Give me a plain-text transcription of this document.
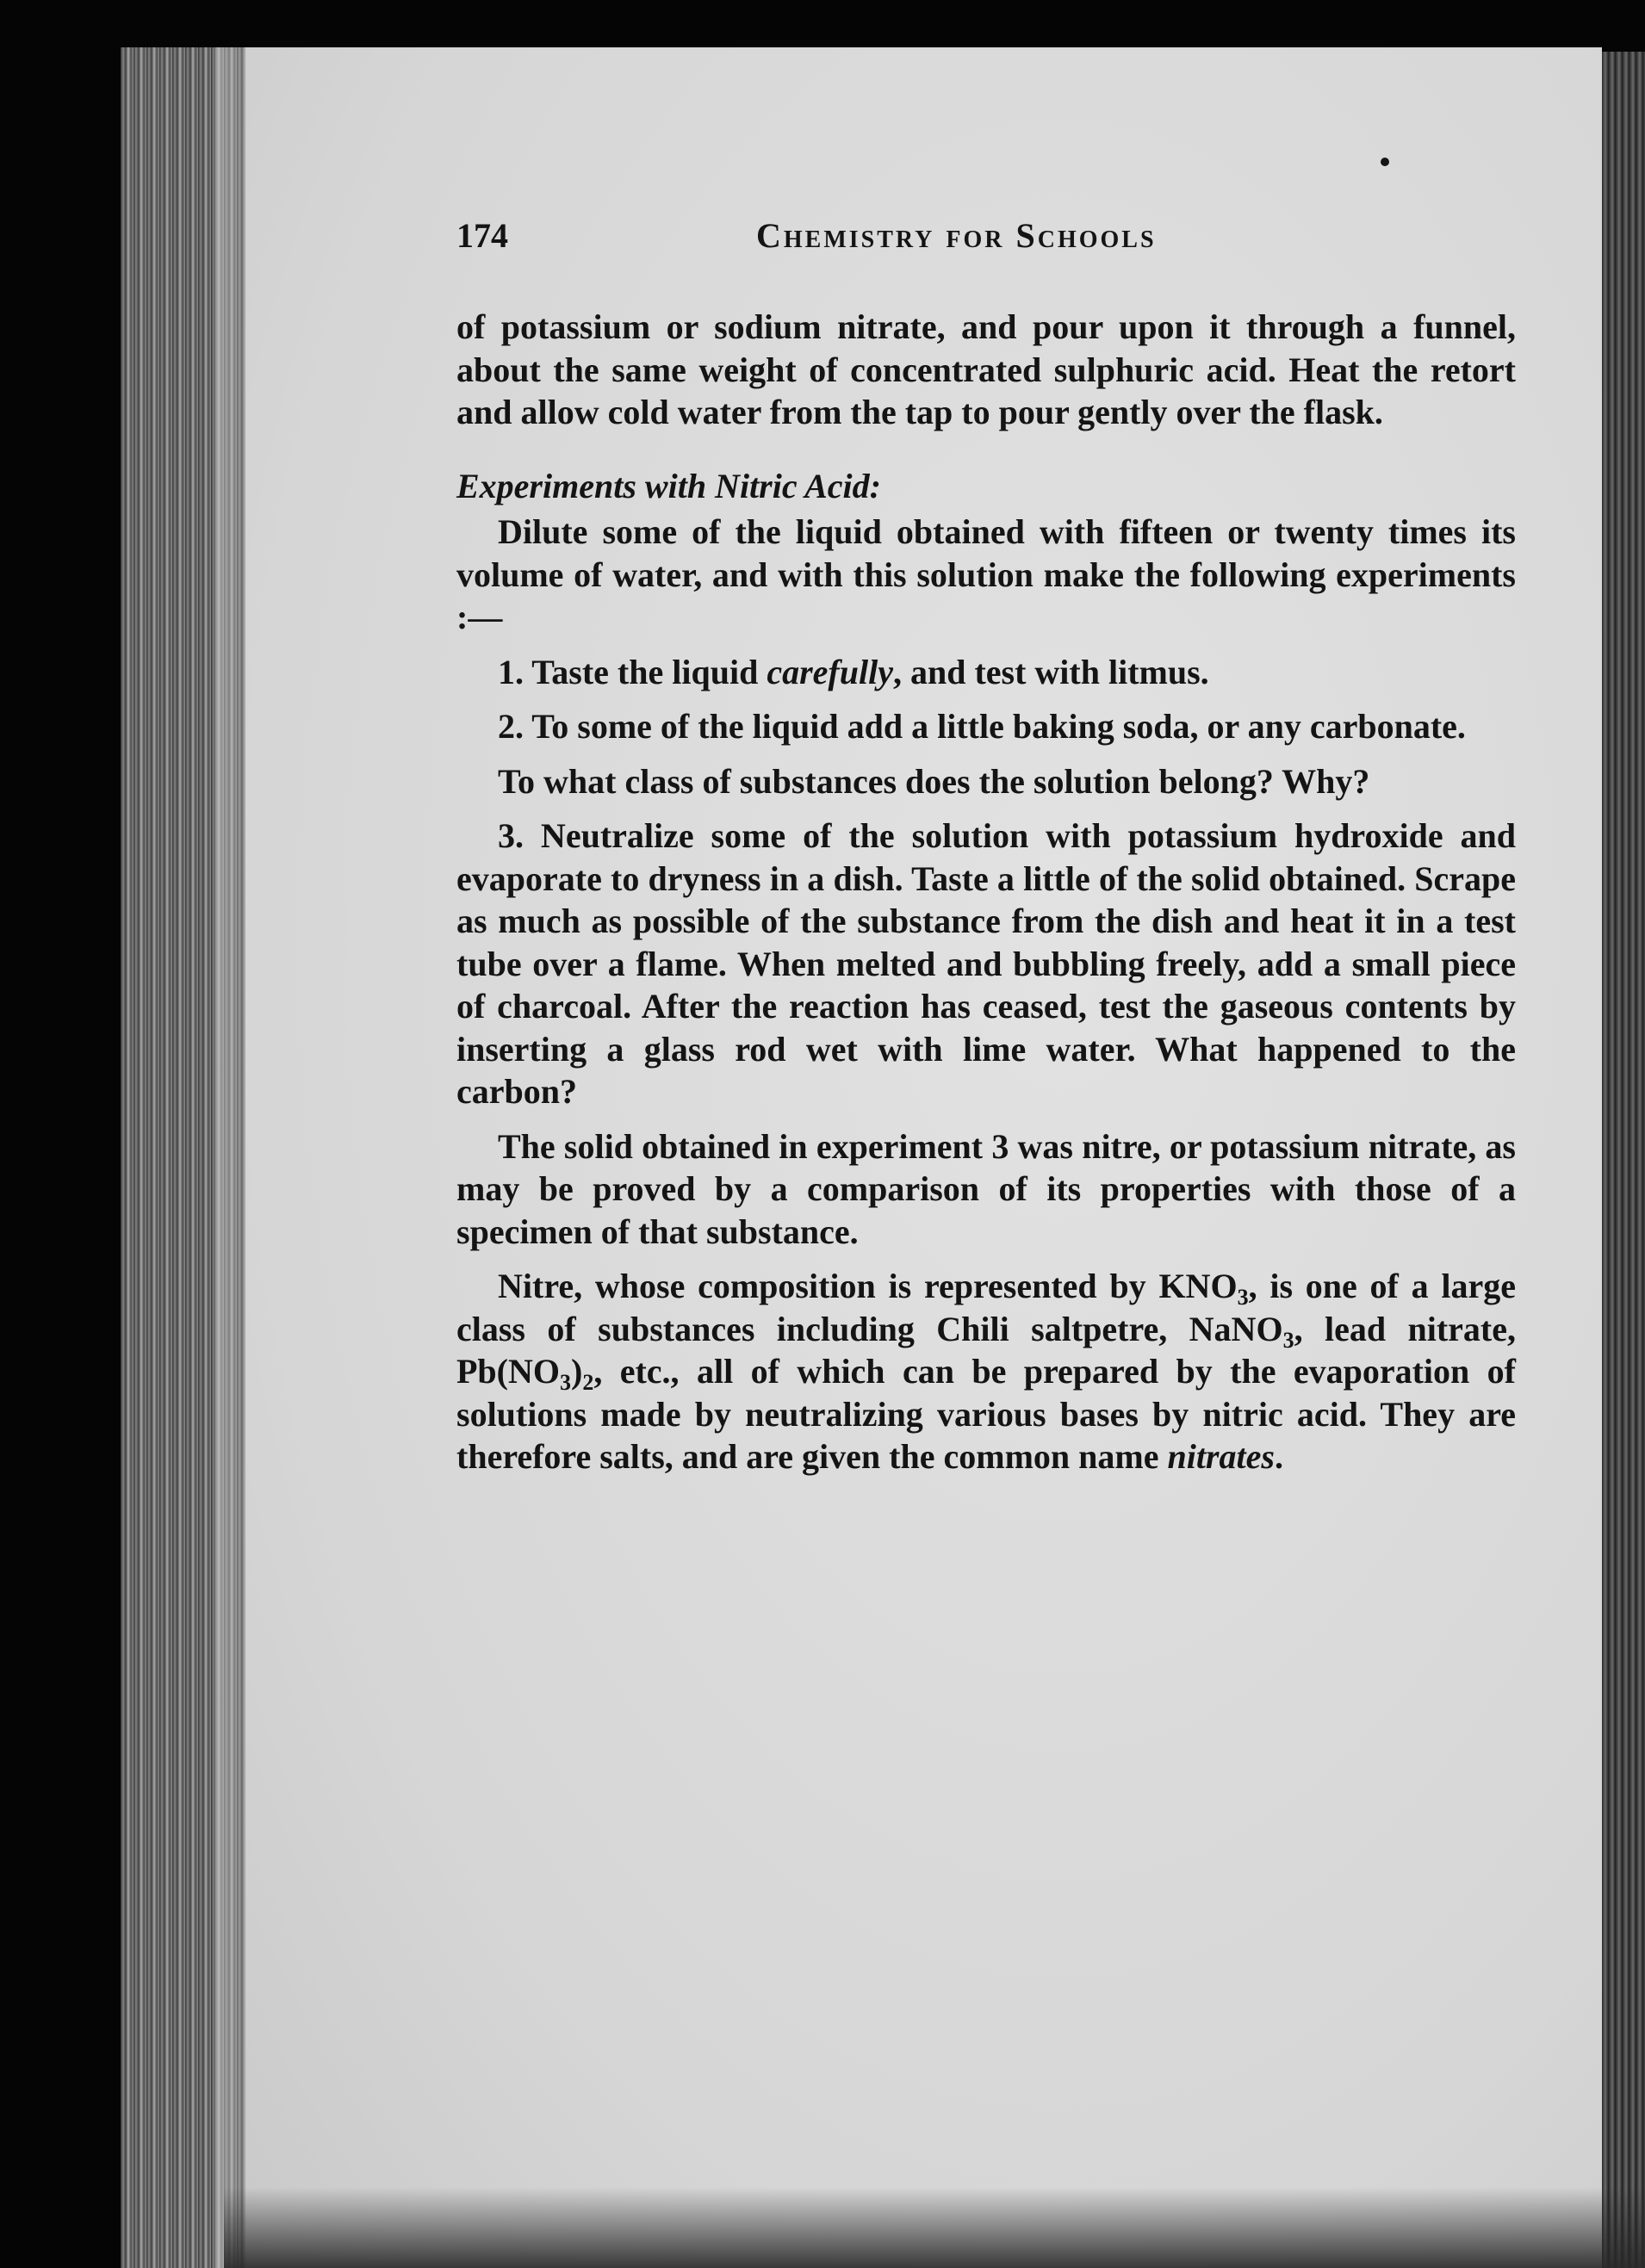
174	Chemistry for Schools

of potassium or sodium nitrate, and pour upon it through a funnel, about the same weight of concentrated sulphuric acid. Heat the retort and allow cold water from the tap to pour gently over the flask.

Experiments with Nitric Acid:

Dilute some of the liquid obtained with fifteen or twenty times its volume of water, and with this solution make the following experiments :—

1. Taste the liquid carefully, and test with litmus.

2. To some of the liquid add a little baking soda, or any carbonate.

To what class of substances does the solution belong? Why?

3. Neutralize some of the solution with potassium hydroxide and evaporate to dryness in a dish. Taste a little of the solid obtained. Scrape as much as possible of the substance from the dish and heat it in a test tube over a flame. When melted and bubbling freely, add a small piece of charcoal. After the reaction has ceased, test the gaseous contents by inserting a glass rod wet with lime water. What happened to the carbon?

The solid obtained in experiment 3 was nitre, or potassium nitrate, as may be proved by a comparison of its properties with those of a specimen of that substance.

Nitre, whose composition is represented by $KNO_3$, is one of a large class of substances including Chili saltpetre, NaNO$_3$, lead nitrate, $Pb(NO_3)_2$, etc., all of which can be prepared by the evaporation of solutions made by neutralizing various bases by nitric acid. They are therefore salts, and are given the common name nitrates.
